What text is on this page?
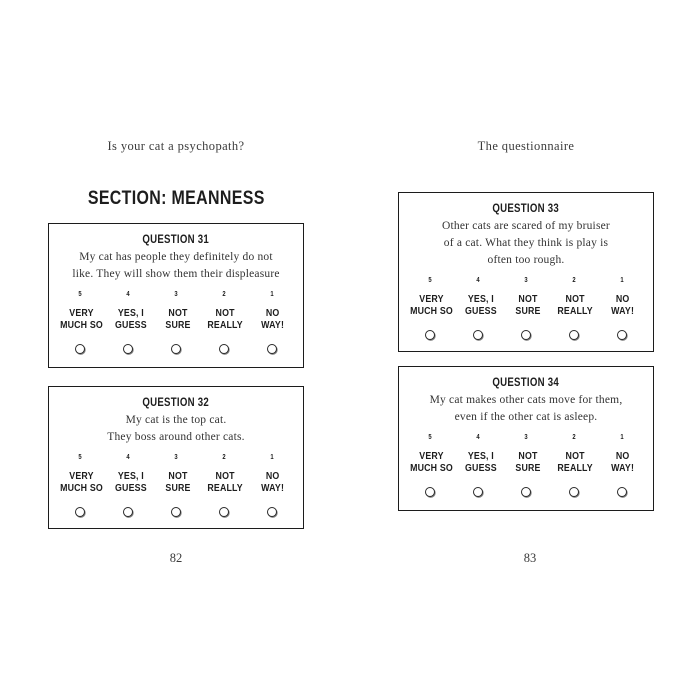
Is your cat a psychopath?	The questionnaire
SECTION: MEANNESS
QUESTION 31
My cat has people they definitely do not
like. They will show them their displeasure
5	4	3	2	1
VERY
MUCH SO
YES, I
GUESS
NOT
SURE
NOT
REALLY
NO
WAY!
QUESTION 32
My cat is the top cat.
They boss around other cats.
5	4	3	2	1
VERY
MUCH SO
YES, I
GUESS
NOT
SURE
NOT
REALLY
NO
WAY!
QUESTION 33
Other cats are scared of my bruiser
of a cat. What they think is play is
often too rough.
5	4	3	2	1
VERY
MUCH SO
YES, I
GUESS
NOT
SURE
NOT
REALLY
NO
WAY!
QUESTION 34
My cat makes other cats move for them,
even if the other cat is asleep.
5	4	3	2	1
VERY
MUCH SO
YES, I
GUESS
NOT
SURE
NOT
REALLY
NO
WAY!
82	83
